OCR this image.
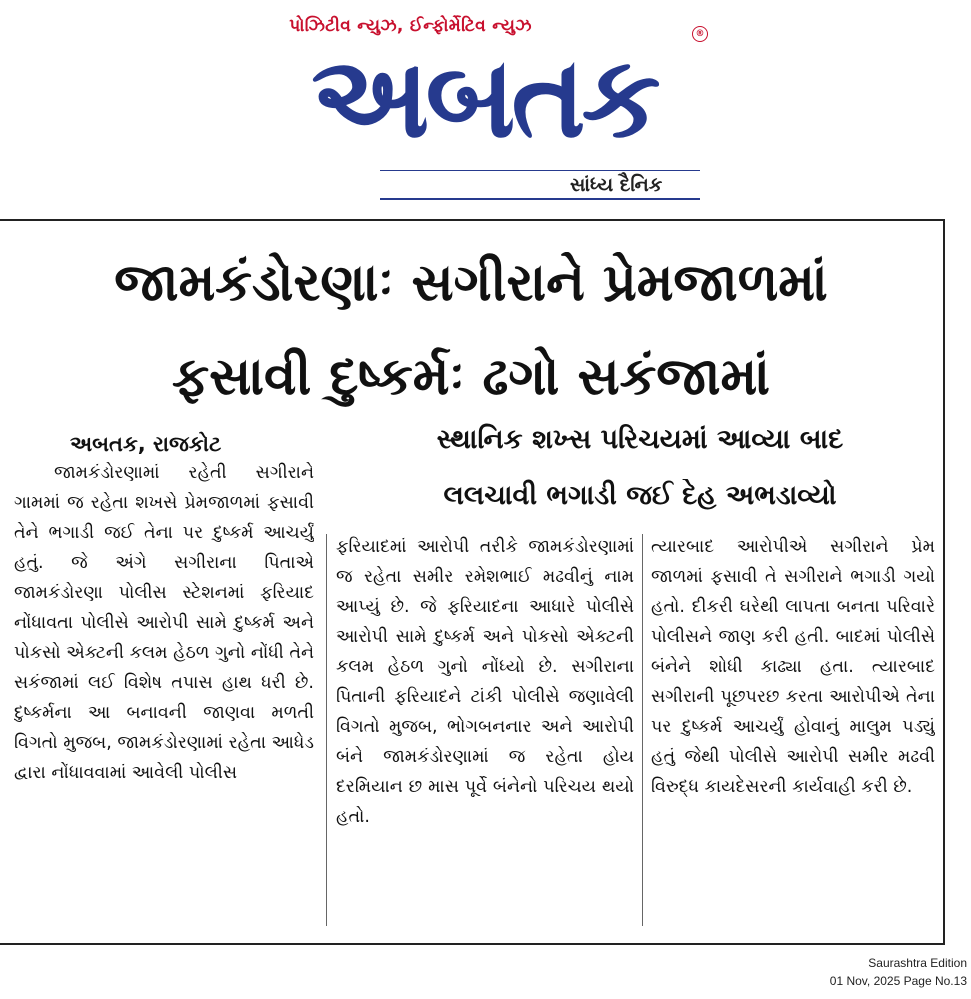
પોઝિટીવ ન્યુઝ, ઈન્ફોર્મેટિવ ન્યુઝ
અબતક	®
સાંધ્ય દૈનિક
જામકંડોરણાઃ સગીરાને પ્રેમજાળમાં
ફસાવી દુષ્કર્મઃ ઢગો સકંજામાં
અબતક, રાજકોટ	સ્થાનિક શખ્સ પરિચયમાં આવ્યા બાદ
લલચાવી ભગાડી જઈ દેહ અભડાવ્યો

જામકંડોરણામાં રહેતી સગીરાને ગામમાં જ રહેતા શખસે પ્રેમજાળમાં ફસાવી તેને ભગાડી જઈ તેના પર દુષ્કર્મ આચર્યું હતું. જે અંગે સગીરાના પિતાએ જામકંડોરણા પોલીસ સ્ટેશનમાં ફરિયાદ નોંધાવતા પોલીસે આરોપી સામે દુષ્કર્મ અને પોકસો એક્ટની કલમ હેઠળ ગુનો નોંધી તેને સકંજામાં લઈ વિશેષ તપાસ હાથ ધરી છે. દુષ્કર્મના આ બનાવની જાણવા મળતી વિગતો મુજબ, જામકંડોરણામાં રહેતા આધેડ દ્વારા નોંધાવવામાં આવેલી પોલીસ

ફરિયાદમાં આરોપી તરીકે જામકંડોરણામાં જ રહેતા સમીર રમેશભાઈ મઢવીનું નામ આપ્યું છે. જે ફરિયાદના આધારે પોલીસે આરોપી સામે દુષ્કર્મ અને પોકસો એક્ટની કલમ હેઠળ ગુનો નોંધ્યો છે. સગીરાના પિતાની ફરિયાદને ટાંકી પોલીસે જણાવેલી વિગતો મુજબ, ભોગબનનાર અને આરોપી બંને જામકંડોરણામાં જ રહેતા હોય દરમિયાન છ માસ પૂર્વે બંનેનો પરિચય થયો હતો.

ત્યારબાદ આરોપીએ સગીરાને પ્રેમ જાળમાં ફસાવી તે સગીરાને ભગાડી ગયો હતો. દીકરી ઘરેથી લાપતા બનતા પરિવારે પોલીસને જાણ કરી હતી. બાદમાં પોલીસે બંનેને શોધી કાઢ્યા હતા. ત્યારબાદ સગીરાની પૂછપરછ કરતા આરોપીએ તેના પર દુષ્કર્મ આચર્યું હોવાનું માલુમ પડ્યું હતું જેથી પોલીસે આરોપી સમીર મઢવી વિરુદ્ધ કાયદેસરની કાર્યવાહી કરી છે.

Saurashtra Edition
01 Nov, 2025 Page No.13
